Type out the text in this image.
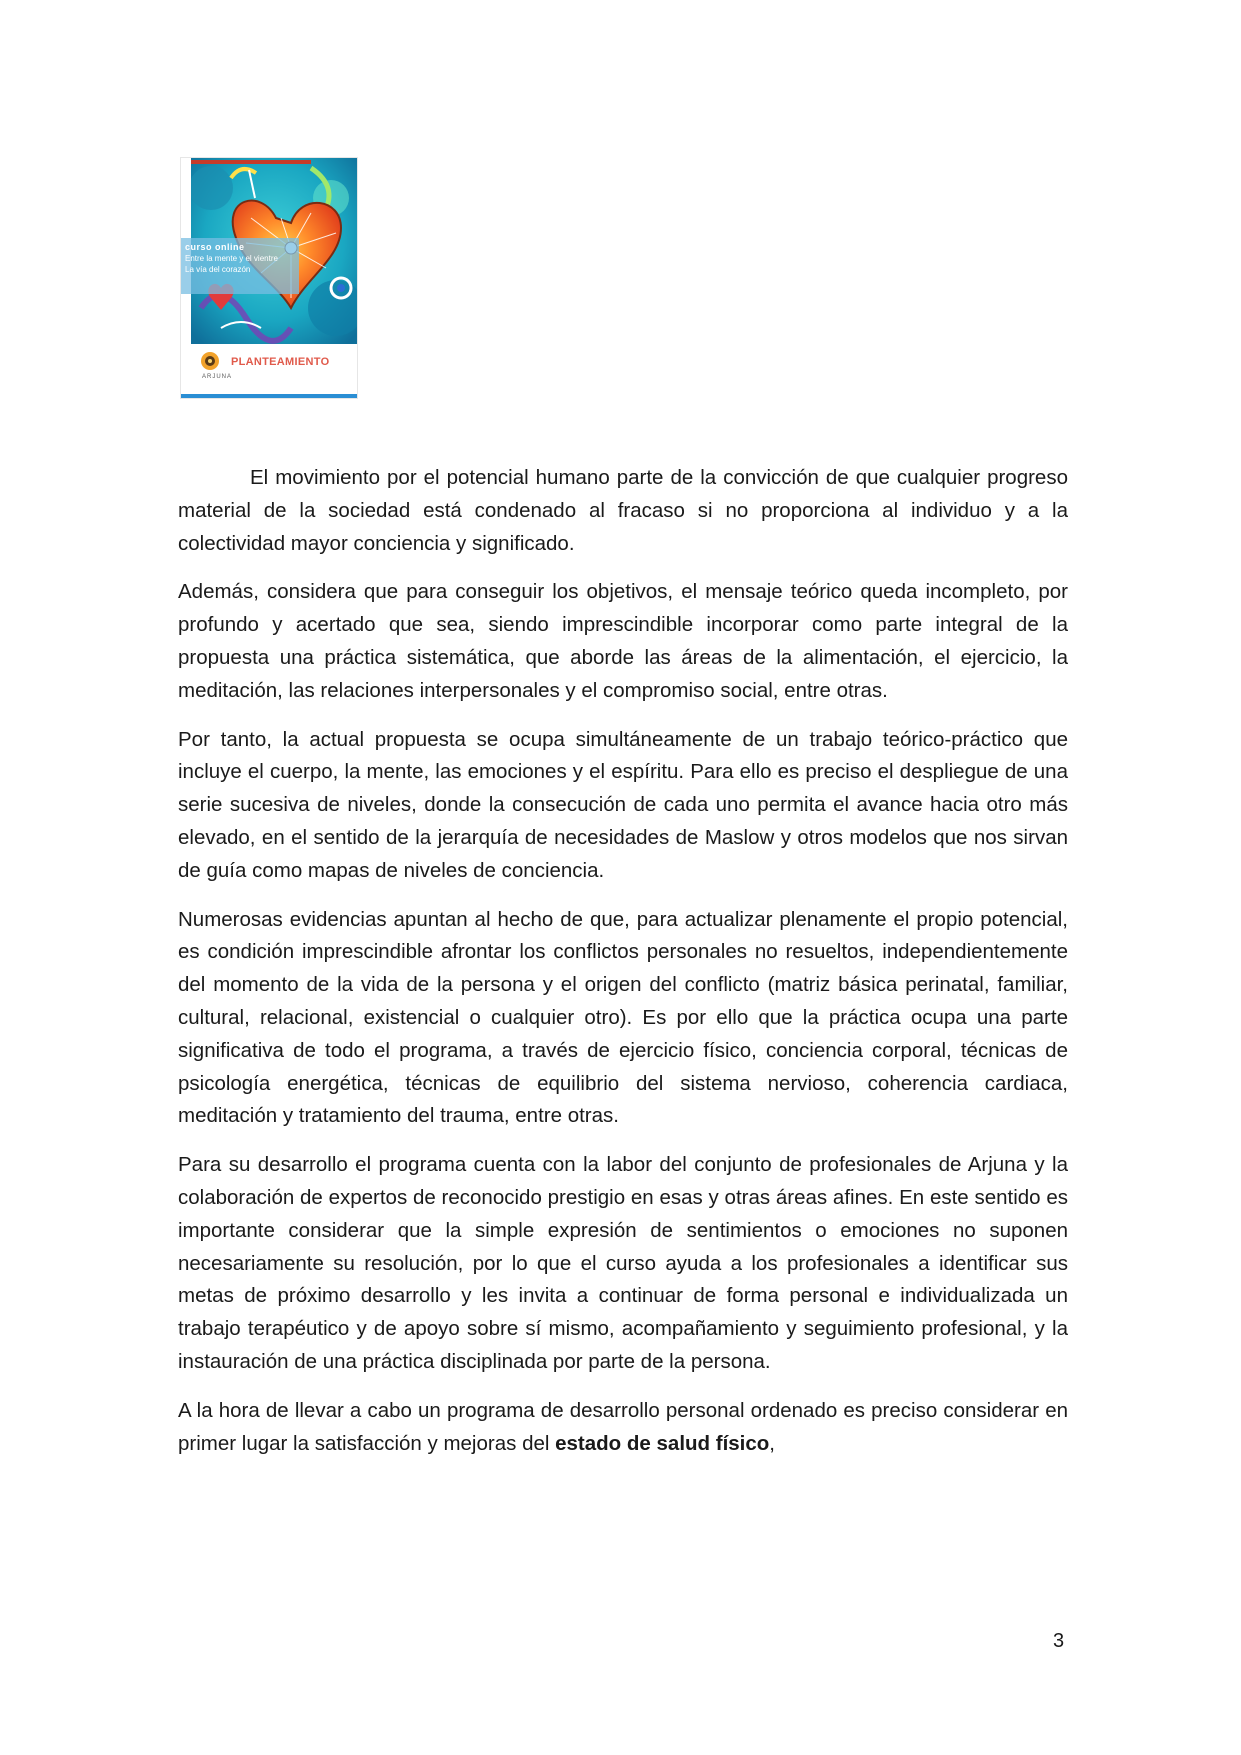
curso online
Entre la mente y el vientre
La vía del corazón
ARJUNA
PLANTEAMIENTO

El movimiento por el potencial humano parte de la convicción de que cualquier progreso material de la sociedad está condenado al fracaso si no proporciona al individuo y a la colectividad mayor conciencia y significado.

Además, considera que para conseguir los objetivos, el mensaje teórico queda incompleto, por profundo y acertado que sea, siendo imprescindible incorporar como parte integral de la propuesta una práctica sistemática, que aborde las áreas de la alimentación, el ejercicio, la meditación, las relaciones interpersonales y el compromiso social, entre otras.

Por tanto, la actual propuesta se ocupa simultáneamente de un trabajo teórico-práctico que incluye el cuerpo, la mente, las emociones y el espíritu. Para ello es preciso el despliegue de una serie sucesiva de niveles, donde la consecución de cada uno permita el avance hacia otro más elevado, en el sentido de la jerarquía de necesidades de Maslow y otros modelos que nos sirvan de guía como mapas de niveles de conciencia.

Numerosas evidencias apuntan al hecho de que, para actualizar plenamente el propio potencial, es condición imprescindible afrontar los conflictos personales no resueltos, independientemente del momento de la vida de la persona y el origen del conflicto (matriz básica perinatal, familiar, cultural, relacional, existencial o cualquier otro). Es por ello que la práctica ocupa una parte significativa de todo el programa, a través de ejercicio físico, conciencia corporal, técnicas de psicología energética, técnicas de equilibrio del sistema nervioso, coherencia cardiaca, meditación y tratamiento del trauma, entre otras.

Para su desarrollo el programa cuenta con la labor del conjunto de profesionales de Arjuna y la colaboración de expertos de reconocido prestigio en esas y otras áreas afines. En este sentido es importante considerar que la simple expresión de sentimientos o emociones no suponen necesariamente su resolución, por lo que el curso ayuda a los profesionales a identificar sus metas de próximo desarrollo y les invita a continuar de forma personal e individualizada un trabajo terapéutico y de apoyo sobre sí mismo, acompañamiento y seguimiento profesional, y la instauración de una práctica disciplinada por parte de la persona.

A la hora de llevar a cabo un programa de desarrollo personal ordenado es preciso considerar en primer lugar la satisfacción y mejoras del estado de salud físico,

3
